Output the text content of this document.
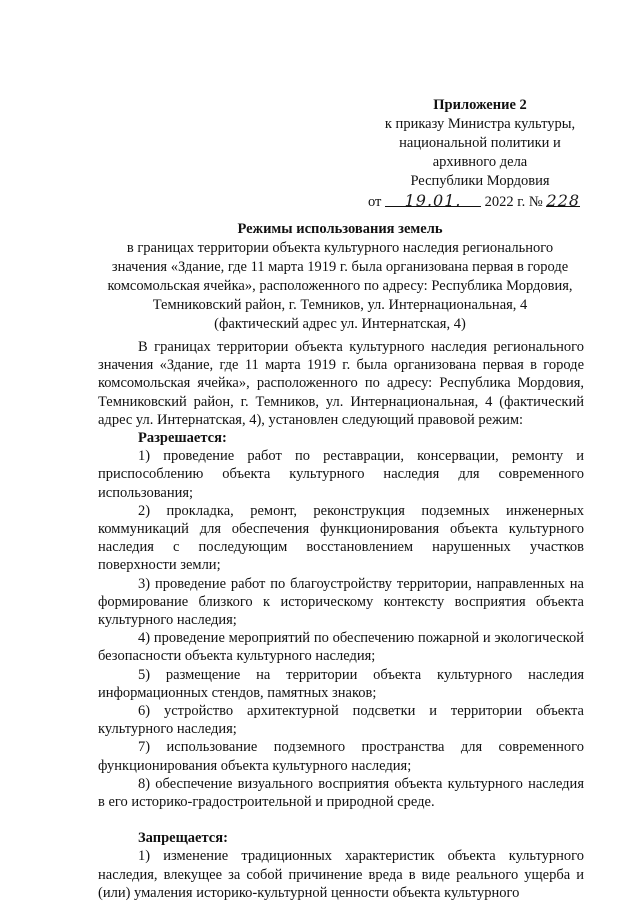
Приложение 2
к приказу Министра культуры,
национальной политики и
архивного дела
Республики Мордовия
от 19.01. 2022 г. № 228
Режимы использования земель
в границах территории объекта культурного наследия регионального
значения «Здание, где 11 марта 1919 г. была организована первая в городе
комсомольская ячейка», расположенного по адресу: Республика Мордовия,
Темниковский район, г. Темников, ул. Интернациональная, 4
(фактический адрес ул. Интернатская, 4)

В границах территории объекта культурного наследия регионального значения «Здание, где 11 марта 1919 г. была организована первая в городе комсомольская ячейка», расположенного по адресу: Республика Мордовия, Темниковский район, г. Темников, ул. Интернациональная, 4 (фактический адрес ул. Интернатская, 4), установлен следующий правовой режим:

Разрешается:

1) проведение работ по реставрации, консервации, ремонту и приспособлению объекта культурного наследия для современного использования;

2) прокладка, ремонт, реконструкция подземных инженерных коммуникаций для обеспечения функционирования объекта культурного наследия с последующим восстановлением нарушенных участков поверхности земли;

3) проведение работ по благоустройству территории, направленных на формирование близкого к историческому контексту восприятия объекта культурного наследия;

4) проведение мероприятий по обеспечению пожарной и экологической безопасности объекта культурного наследия;

5) размещение на территории объекта культурного наследия информационных стендов, памятных знаков;

6) устройство архитектурной подсветки и территории объекта культурного наследия;

7) использование подземного пространства для современного функционирования объекта культурного наследия;

8) обеспечение визуального восприятия объекта культурного наследия в его историко-градостроительной и природной среде.

Запрещается:

1) изменение традиционных характеристик объекта культурного наследия, влекущее за собой причинение вреда в виде реального ущерба и (или) умаления историко-культурной ценности объекта культурного
